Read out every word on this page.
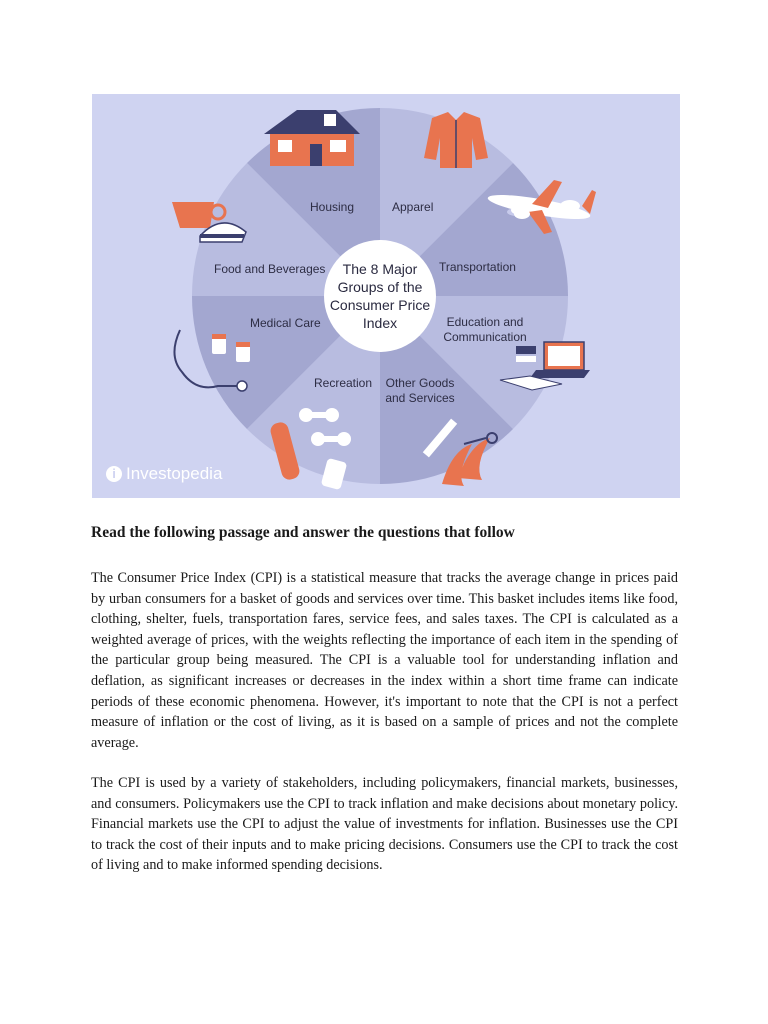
Housing	Apparel
Transportation
Education and Communication
Other Goods and Services
Recreation
Medical Care
Food and Beverages	The 8 Major Groups of the Consumer Price Index
i Investopedia
Read the following passage and answer the questions that follow

The Consumer Price Index (CPI) is a statistical measure that tracks the average change in prices paid by urban consumers for a basket of goods and services over time. This basket includes items like food, clothing, shelter, fuels, transportation fares, service fees, and sales taxes. The CPI is calculated as a weighted average of prices, with the weights reflecting the importance of each item in the spending of the particular group being measured. The CPI is a valuable tool for understanding inflation and deflation, as significant increases or decreases in the index within a short time frame can indicate periods of these economic phenomena. However, it's important to note that the CPI is not a perfect measure of inflation or the cost of living, as it is based on a sample of prices and not the complete average.

The CPI is used by a variety of stakeholders, including policymakers, financial markets, businesses, and consumers. Policymakers use the CPI to track inflation and make decisions about monetary policy. Financial markets use the CPI to adjust the value of investments for inflation. Businesses use the CPI to track the cost of their inputs and to make pricing decisions. Consumers use the CPI to track the cost of living and to make informed spending decisions.
